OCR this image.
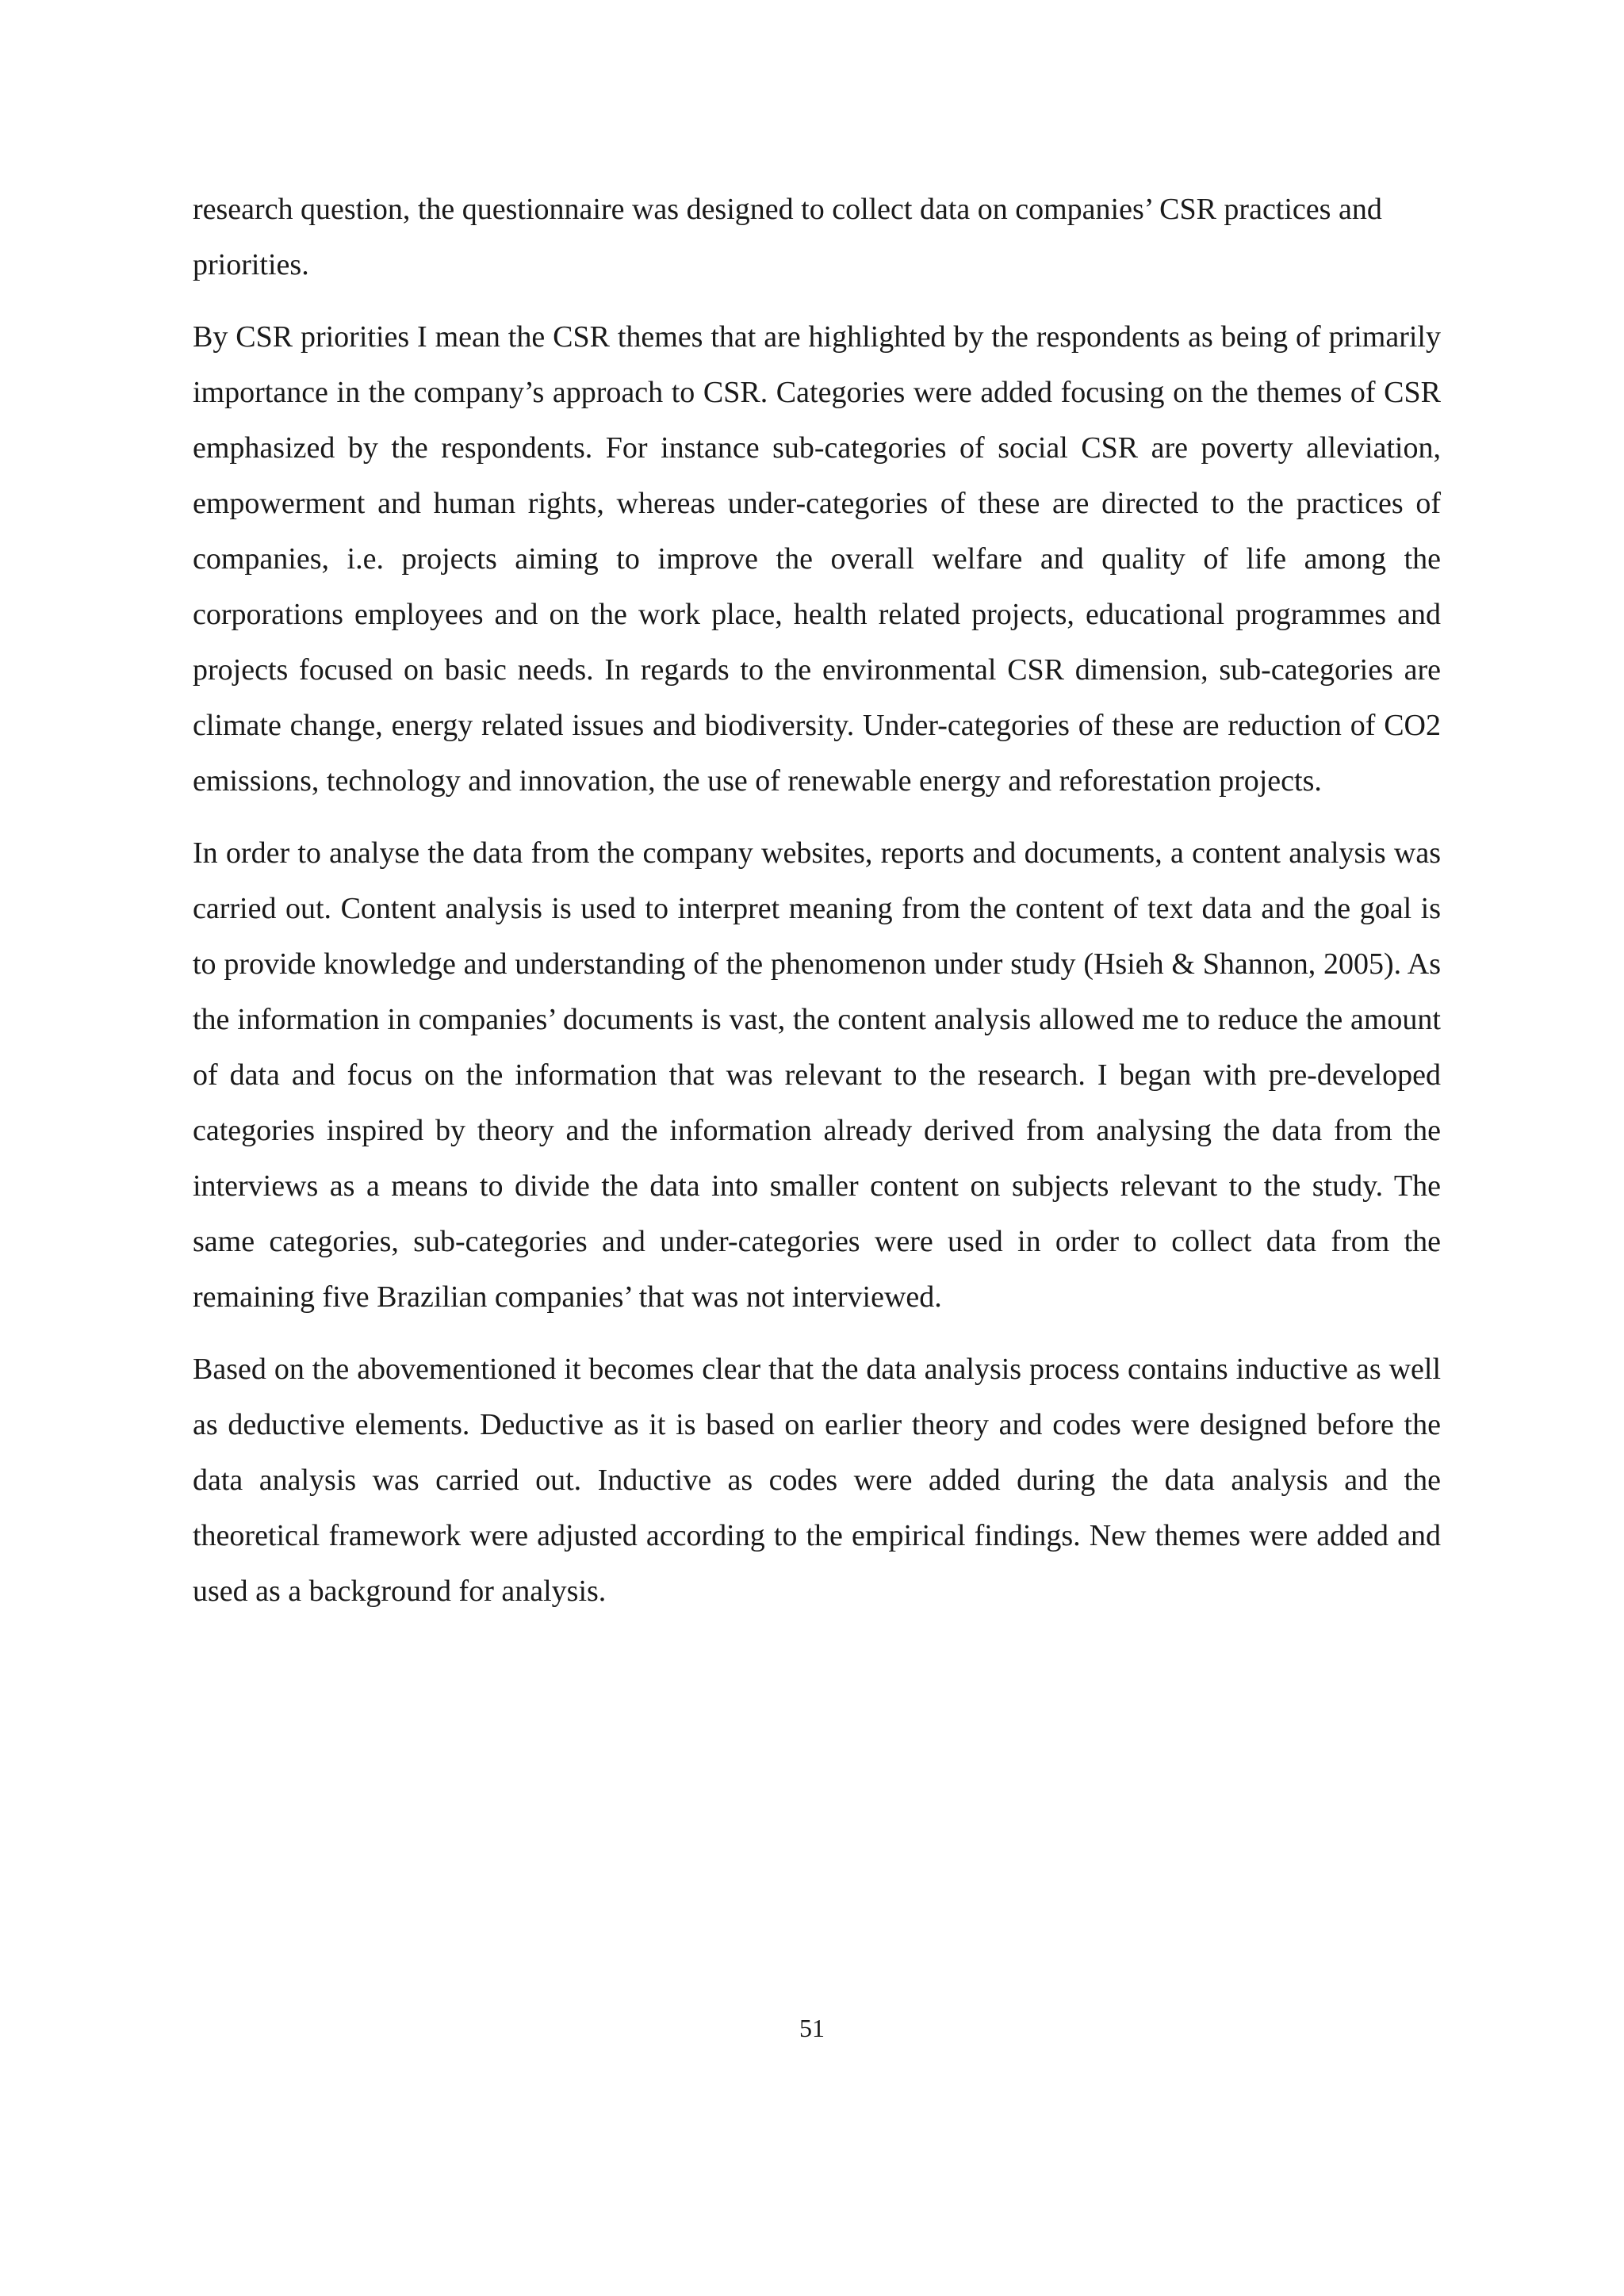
research question, the questionnaire was designed to collect data on companies’ CSR practices and priorities.

By CSR priorities I mean the CSR themes that are highlighted by the respondents as being of primarily importance in the company’s approach to CSR. Categories were added focusing on the themes of CSR emphasized by the respondents. For instance sub-categories of social CSR are poverty alleviation, empowerment and human rights, whereas under-categories of these are directed to the practices of companies, i.e. projects aiming to improve the overall welfare and quality of life among the corporations employees and on the work place, health related projects, educational programmes and projects focused on basic needs. In regards to the environmental CSR dimension, sub-categories are climate change, energy related issues and biodiversity. Under-categories of these are reduction of CO2 emissions, technology and innovation, the use of renewable energy and reforestation projects.

In order to analyse the data from the company websites, reports and documents, a content analysis was carried out. Content analysis is used to interpret meaning from the content of text data and the goal is to provide knowledge and understanding of the phenomenon under study (Hsieh & Shannon, 2005). As the information in companies’ documents is vast, the content analysis allowed me to reduce the amount of data and focus on the information that was relevant to the research. I began with pre-developed categories inspired by theory and the information already derived from analysing the data from the interviews as a means to divide the data into smaller content on subjects relevant to the study. The same categories, sub-categories and under-categories were used in order to collect data from the remaining five Brazilian companies’ that was not interviewed.

Based on the abovementioned it becomes clear that the data analysis process contains inductive as well as deductive elements. Deductive as it is based on earlier theory and codes were designed before the data analysis was carried out. Inductive as codes were added during the data analysis and the theoretical framework were adjusted according to the empirical findings. New themes were added and used as a background for analysis.

51
